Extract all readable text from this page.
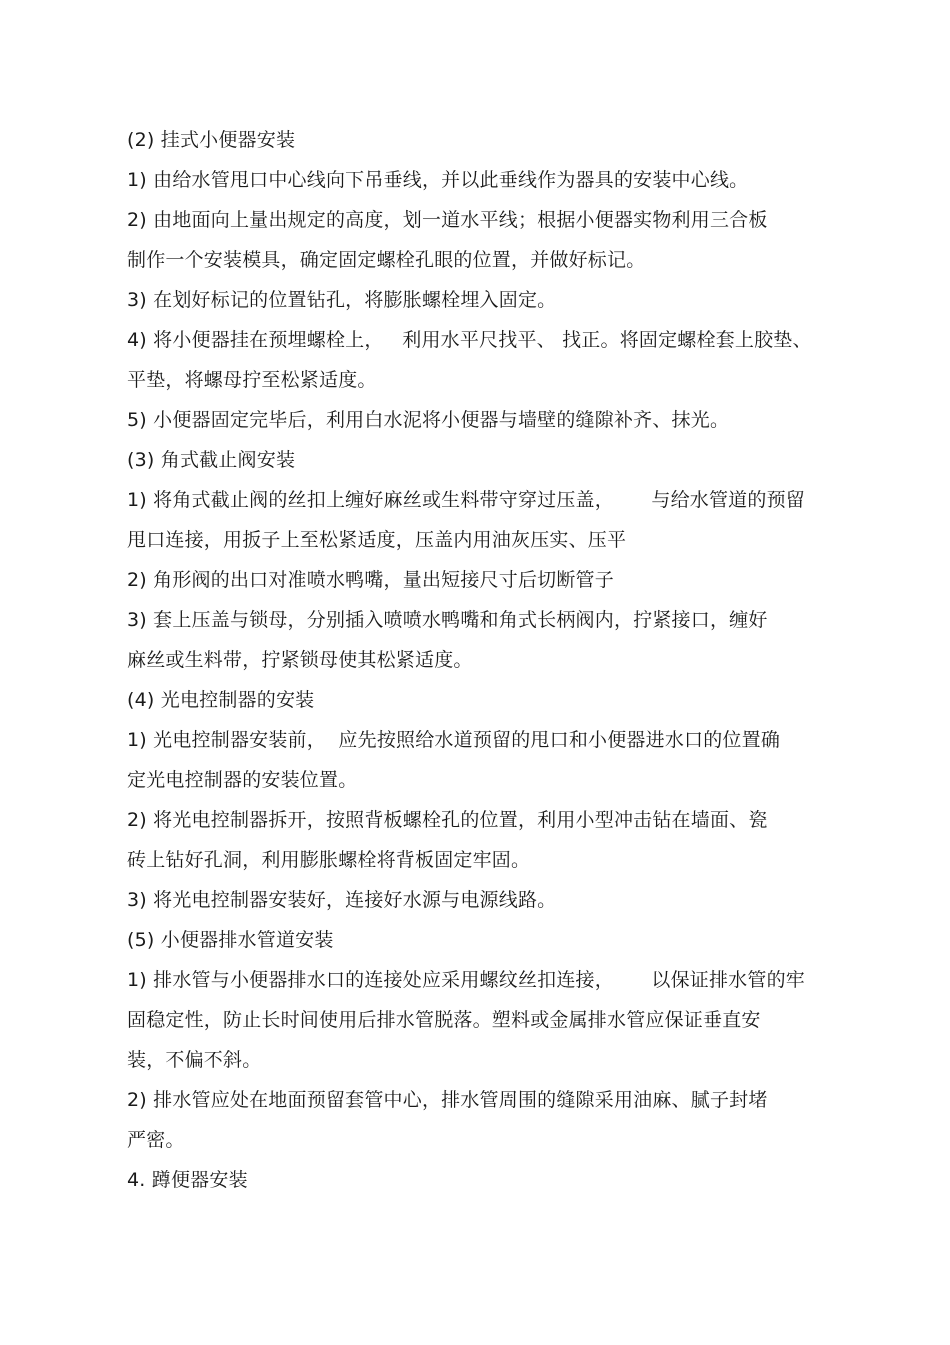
(2) 挂式小便器安装
1) 由给水管甩口中心线向下吊垂线，并以此垂线作为器具的安装中心线。
2) 由地面向上量出规定的高度，划一道水平线；根据小便器实物利用三合板
制作一个安装模具，确定固定螺栓孔眼的位置，并做好标记。
3) 在划好标记的位置钻孔，将膨胀螺栓埋入固定。
4) 将小便器挂在预埋螺栓上，   利用水平尺找平、 找正。将固定螺栓套上胶垫、
平垫，将螺母拧至松紧适度。
5) 小便器固定完毕后，利用白水泥将小便器与墙壁的缝隙补齐、抹光。
(3) 角式截止阀安装
1) 将角式截止阀的丝扣上缠好麻丝或生料带守穿过压盖，      与给水管道的预留
甩口连接，用扳子上至松紧适度，压盖内用油灰压实、压平
2) 角形阀的出口对准喷水鸭嘴，量出短接尺寸后切断管子
3) 套上压盖与锁母，分别插入喷喷水鸭嘴和角式长柄阀内，拧紧接口，缠好
麻丝或生料带，拧紧锁母使其松紧适度。
(4) 光电控制器的安装
1) 光电控制器安装前，  应先按照给水道预留的甩口和小便器进水口的位置确
定光电控制器的安装位置。
2) 将光电控制器拆开，按照背板螺栓孔的位置，利用小型冲击钻在墙面、瓷
砖上钻好孔洞，利用膨胀螺栓将背板固定牢固。
3) 将光电控制器安装好，连接好水源与电源线路。
(5) 小便器排水管道安装
1) 排水管与小便器排水口的连接处应采用螺纹丝扣连接，      以保证排水管的牢
固稳定性，防止长时间使用后排水管脱落。塑料或金属排水管应保证垂直安
装，不偏不斜。
2) 排水管应处在地面预留套管中心，排水管周围的缝隙采用油麻、腻子封堵
严密。
4. 蹲便器安装
